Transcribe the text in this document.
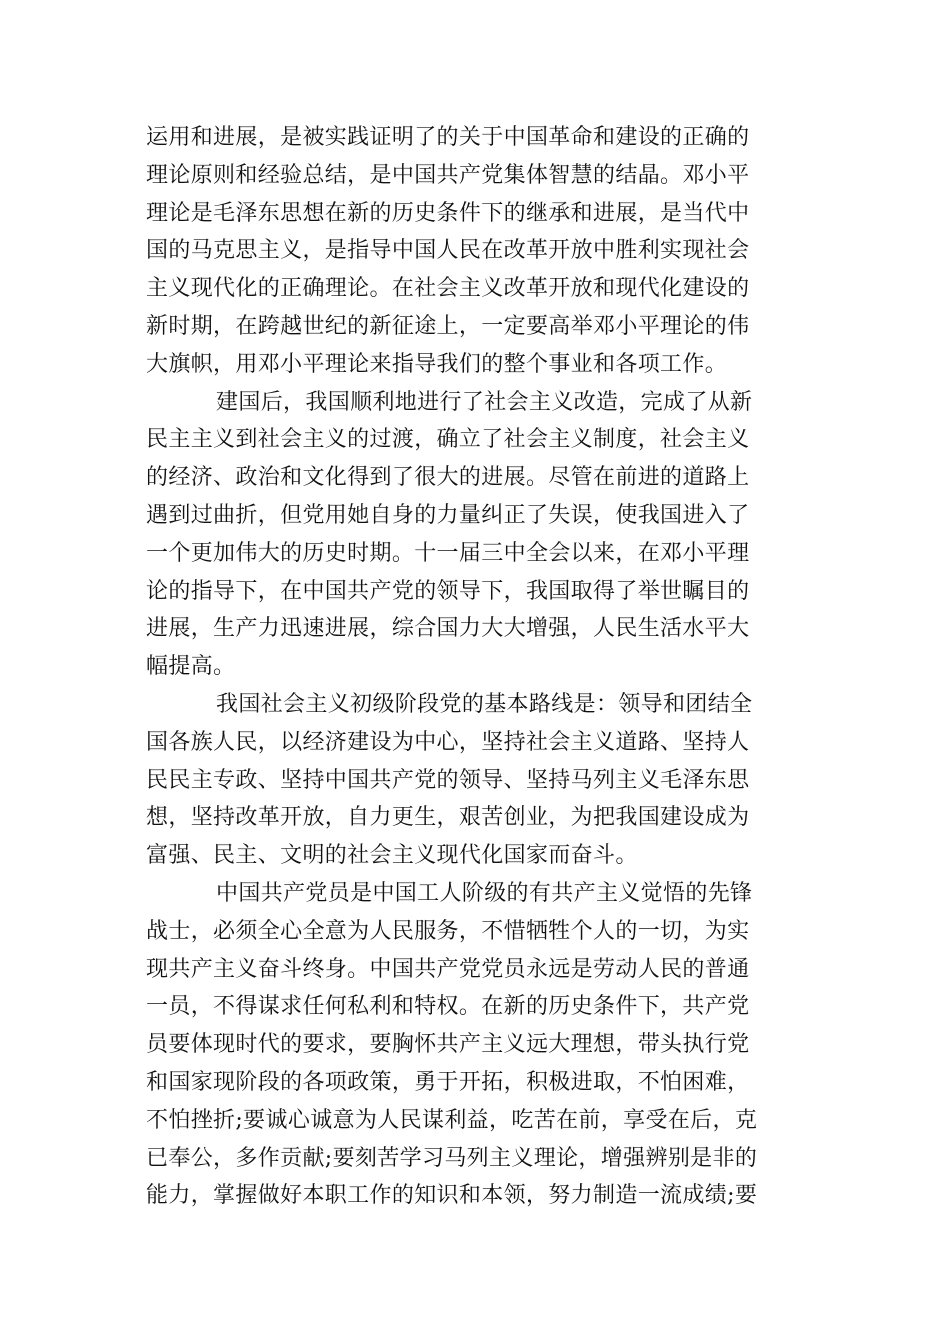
运用和进展，是被实践证明了的关于中国革命和建设的正确的
理论原则和经验总结，是中国共产党集体智慧的结晶。邓小平
理论是毛泽东思想在新的历史条件下的继承和进展，是当代中
国的马克思主义，是指导中国人民在改革开放中胜利实现社会
主义现代化的正确理论。在社会主义改革开放和现代化建设的
新时期，在跨越世纪的新征途上，一定要高举邓小平理论的伟
大旗帜，用邓小平理论来指导我们的整个事业和各项工作。
建国后，我国顺利地进行了社会主义改造，完成了从新
民主主义到社会主义的过渡，确立了社会主义制度，社会主义
的经济、政治和文化得到了很大的进展。尽管在前进的道路上
遇到过曲折，但党用她自身的力量纠正了失误，使我国进入了
一个更加伟大的历史时期。十一届三中全会以来，在邓小平理
论的指导下，在中国共产党的领导下，我国取得了举世瞩目的
进展，生产力迅速进展，综合国力大大增强，人民生活水平大
幅提高。
我国社会主义初级阶段党的基本路线是：领导和团结全
国各族人民，以经济建设为中心，坚持社会主义道路、坚持人
民民主专政、坚持中国共产党的领导、坚持马列主义毛泽东思
想，坚持改革开放，自力更生，艰苦创业，为把我国建设成为
富强、民主、文明的社会主义现代化国家而奋斗。
中国共产党员是中国工人阶级的有共产主义觉悟的先锋
战士，必须全心全意为人民服务，不惜牺牲个人的一切，为实
现共产主义奋斗终身。中国共产党党员永远是劳动人民的普通
一员，不得谋求任何私利和特权。在新的历史条件下，共产党
员要体现时代的要求，要胸怀共产主义远大理想，带头执行党
和国家现阶段的各项政策，勇于开拓，积极进取，不怕困难，
不怕挫折;要诚心诚意为人民谋利益，吃苦在前，享受在后，克
已奉公，多作贡献;要刻苦学习马列主义理论，增强辨别是非的
能力，掌握做好本职工作的知识和本领，努力制造一流成绩;要
